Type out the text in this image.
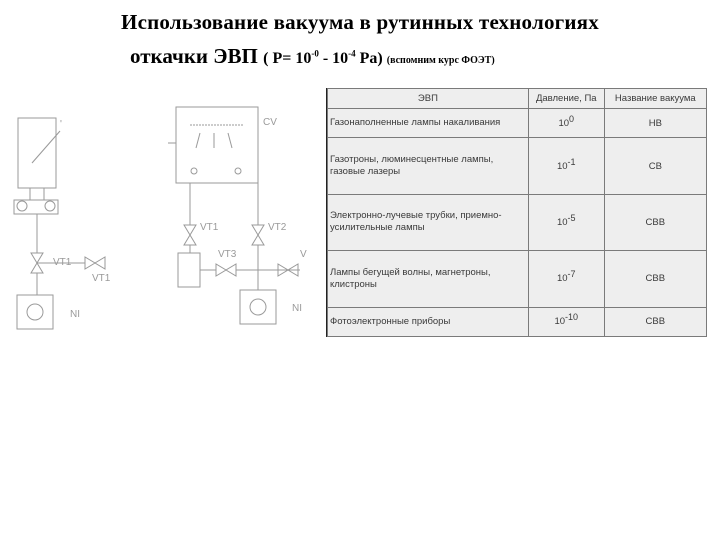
Использование вакуума в рутинных технологиях
откачки ЭВП ( $P= 10^{-0} - 10^{-4}$ Pa) (вспомним курс ФОЭТ)
'
VT1
VT1
NI
CV
VT1	VT2
VT3	V
NI
ЭВП	Давление, Па	Название вакуума
Газонаполненные лампы накаливания	$10^0$	НВ
Газотроны, люминесцентные лампы, газовые лазеры	$10^{-1}$	СВ
Электронно-лучевые трубки, приемно-усилительные лампы	$10^{-5}$	СВВ
Лампы бегущей волны, магнетроны, клистроны	$10^{-7}$	СВВ
Фотоэлектронные приборы	$10^{-10}$	СВВ
